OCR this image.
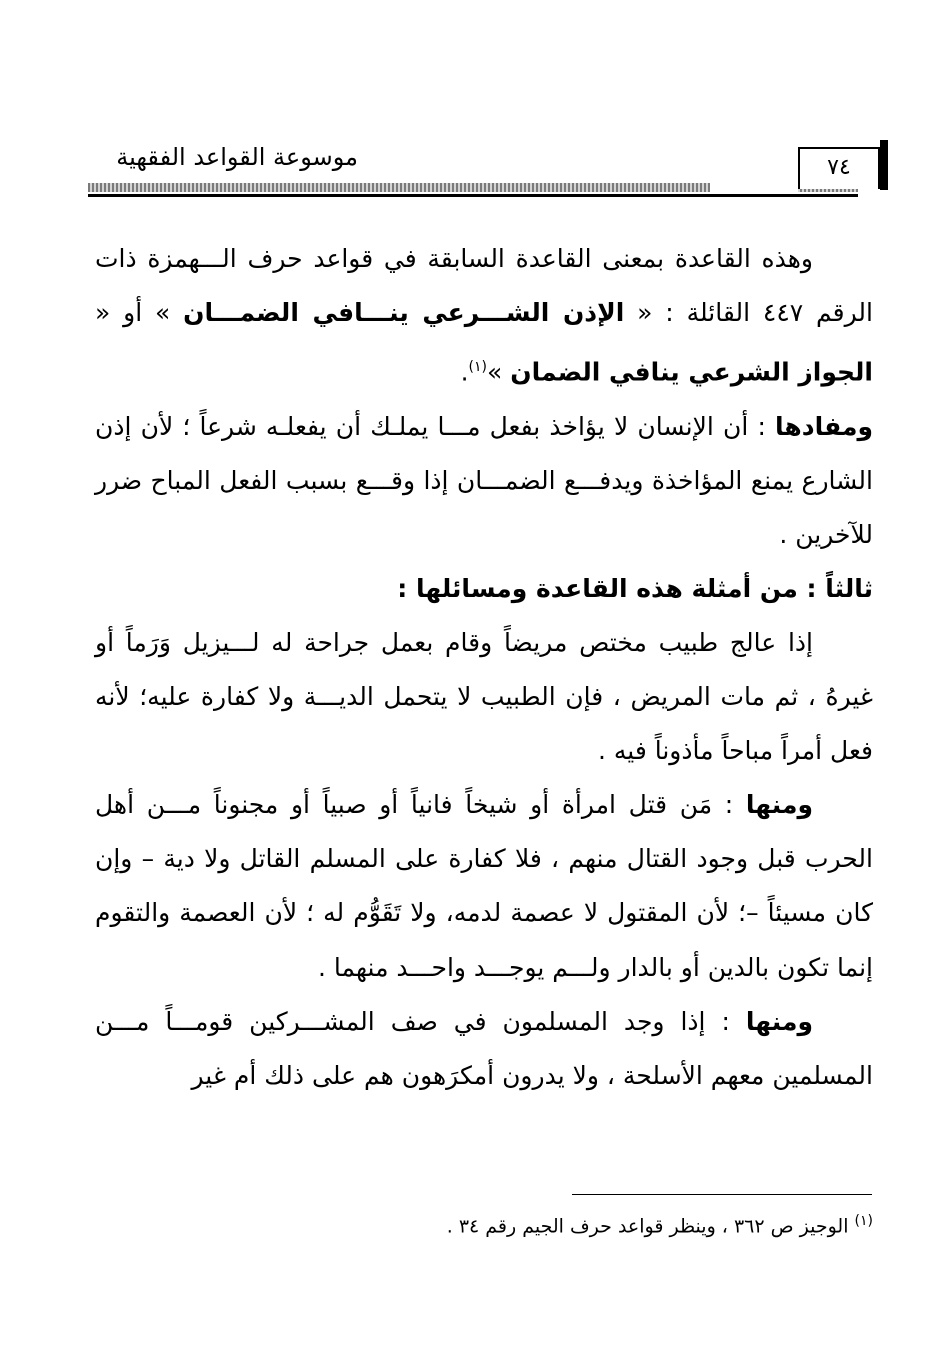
موسوعة القواعد الفقهية	٧٤

وهذه القاعدة بمعنى القاعدة السابقة في قواعد حرف الـــهمزة ذات الرقم ٤٤٧ القائلة : « الإذن الشـــرعي ينـــافي الضمـــان » أو « الجواز الشرعي ينافي الضمان »$^{(١)}$.

ومفادها : أن الإنسان لا يؤاخذ بفعل مـــا يملـك أن يفعلـه شرعاً ؛ لأن إذن الشارع يمنع المؤاخذة ويدفـــع الضمـــان إذا وقـــع بسبب الفعل المباح ضرر للآخرين .

ثالثاً : من أمثلة هذه القاعدة ومسائلها :

إذا عالج طبيب مختص مريضاً وقام بعمل جراحة له لـــيزيل وَرَماً أو غيرهُ ، ثم مات المريض ، فإن الطبيب لا يتحمل الديـــة ولا كفارة عليه؛ لأنه فعل أمراً مباحاً مأذوناً فيه .

ومنها : مَن قتل امرأة أو شيخاً فانياً أو صبياً أو مجنوناً مـــن أهل الحرب قبل وجود القتال منهم ، فلا كفارة على المسلم القاتل ولا دية – وإن كان مسيئاً –؛ لأن المقتول لا عصمة لدمه، ولا تَقَوُّم له ؛ لأن العصمة والتقوم إنما تكون بالدين أو بالدار ولـــم يوجـــد واحـــد منهما .

ومنها : إذا وجد المسلمون في صف المشـــركين قومـــاً مـــن المسلمين معهم الأسلحة ، ولا يدرون أمكرَهون هم على ذلك أم غير

$^{(١)}$ الوجيز ص ٣٦٢ ، وينظر قواعد حرف الجيم رقم ٣٤ .
